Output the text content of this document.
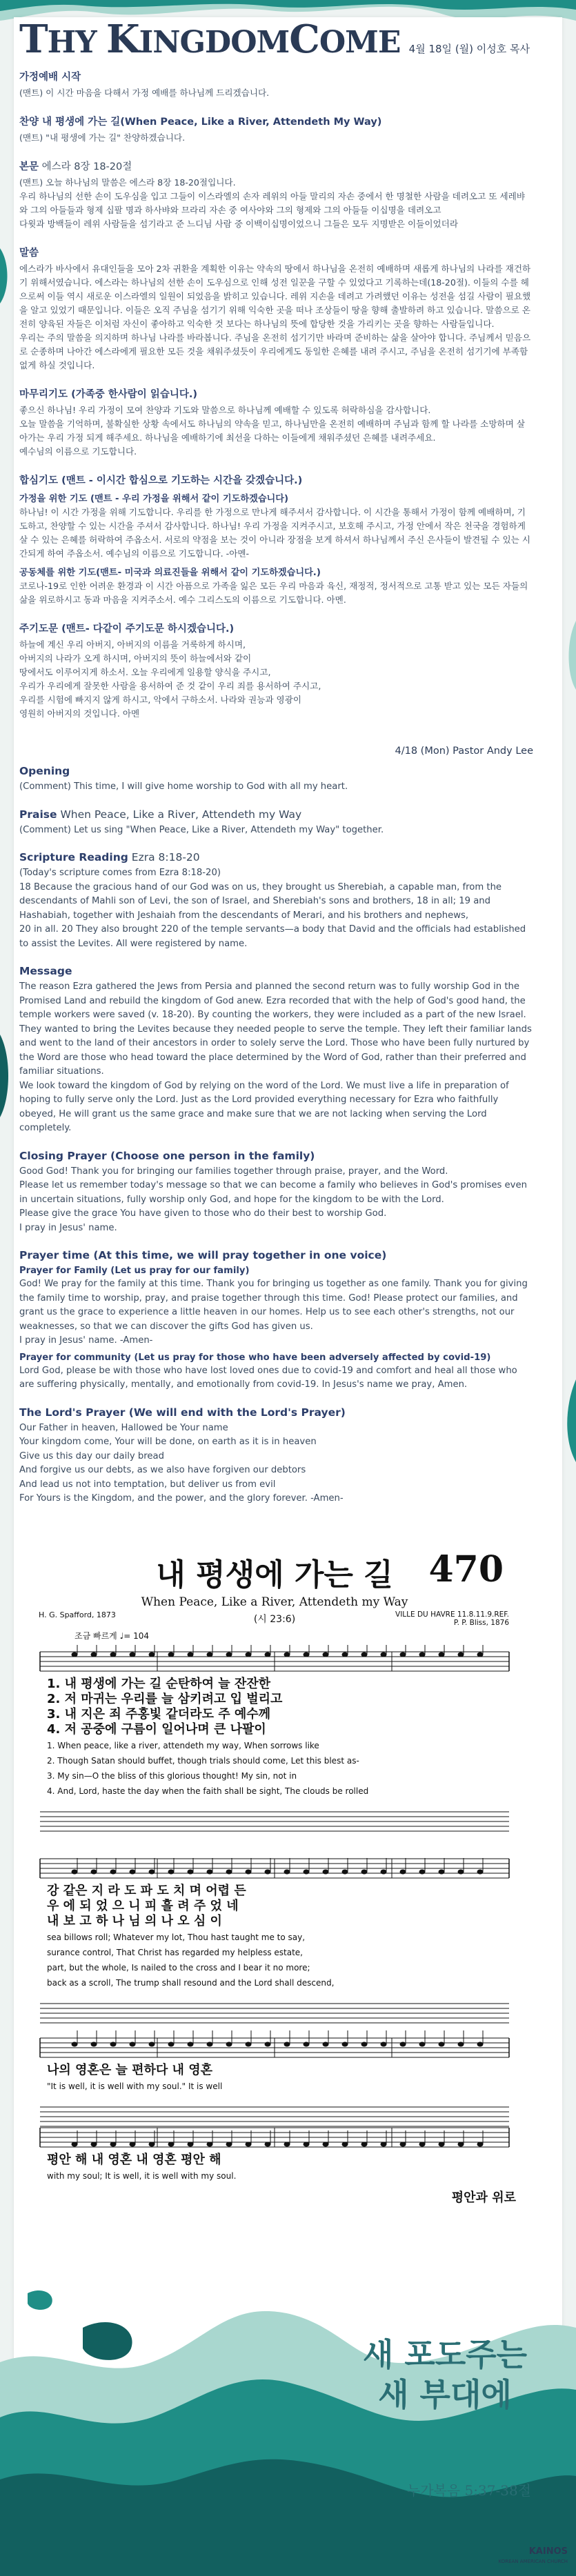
THY KINGDOMCOME 4월 18일 (월) 이성호 목사
가정예배 시작

(맨트) 이 시간 마음을 다해서 가정 예배를 하나님께 드리겠습니다.

찬양 내 평생에 가는 길(When Peace, Like a River, Attendeth My Way)

(맨트) "내 평생에 가는 길" 찬양하겠습니다.

본문 에스라 8장 18-20절

(맨트) 오늘 하나님의 말씀은 에스라 8장 18-20절입니다.
우리 하나님의 선한 손이 도우심을 입고 그들이 이스라엘의 손자 레위의 아들 말리의 자손 중에서 한 명철한 사람을 데려오고 또 세레뱌와 그의 아들들과 형제 십팔 명과 하사뱌와 므라리 자손 중 여사야와 그의 형제와 그의 아들들 이십명을 데려오고
다윗과 방백들이 레위 사람들을 섬기라고 준 느디님 사람 중 이백이십명이었으니 그들은 모두 지명받은 이들이었더라

말씀

에스라가 바사에서 유대인들을 모아 2차 귀환을 계획한 이유는 약속의 땅에서 하나님을 온전히 예배하며 새롭게 하나님의 나라를 재건하기 위해서였습니다. 에스라는 하나님의 선한 손이 도우심으로 인해 성전 일꾼을 구할 수 있었다고 기록하는데(18-20절). 이들의 수를 헤으로써 이들 역시 새로운 이스라엘의 일원이 되었음을 밝히고 있습니다. 레위 지손을 데려고 가려했던 이유는 성전을 섬길 사람이 필요했을 알고 있었기 때문입니다. 이들은 오직 주님을 섬기기 위해 익숙한 곳을 떠나 조상들이 땅을 향해 출발하려 하고 있습니다. 말씀으로 온전히 양육된 자들은 이처럼 자신이 좋아하고 익숙한 것 보다는 하나님의 뜻에 합당한 것을 가리키는 곳을 향하는 사람들입니다.
우리는 주의 말씀을 의지하며 하나님 나라를 바라봅니다. 주님을 온전히 섬기기만 바라며 준비하는 삶을 살아야 합니다. 주님께서 믿음으로 순종하며 나아간 에스라에게 필요한 모든 것을 채워주셨듯이 우리에게도 동일한 은혜를 내려 주시고, 주님을 온전히 섬기기에 부족함 없게 하실 것입니다.

마무리기도 (가족중 한사람이 읽습니다.)

좋으신 하나님! 우리 가정이 모여 찬양과 기도와 말씀으로 하나님께 예배할 수 있도록 허락하심을 감사합니다.
오늘 말씀을 기억하며, 불확실한 상황 속에서도 하나님의 약속을 믿고, 하나님만을 온전히 예배하며 주님과 함께 할 나라를 소망하며 살아가는 우리 가정 되게 해주세요. 하나님을 예배하기에 최선을 다하는 이들에게 채워주셨던 은혜를 내려주세요.
예수님의 이름으로 기도합니다.

합심기도 (맨트 - 이시간 합심으로 기도하는 시간을 갖겠습니다.)
가정을 위한 기도 (맨트 - 우리 가정을 위해서 같이 기도하겠습니다)

하나님! 이 시간 가정을 위해 기도합니다. 우리를 한 가정으로 만나게 해주셔서 감사합니다. 이 시간을 통해서 가정이 함께 예배하며, 기도하고, 찬양할 수 있는 시간을 주셔서 감사합니다. 하나님! 우리 가정을 지켜주시고, 보호해 주시고, 가정 안에서 작은 천국을 경험하게 살 수 있는 은혜를 허락하여 주옵소서. 서로의 약점을 보는 것이 아니라 장점을 보게 하셔서 하나님께서 주신 은사들이 발견될 수 있는 시간되게 하여 주옵소서. 예수님의 이름으로 기도합니다. -아멘-

공동체를 위한 기도(맨트- 미국과 의료진들을 위해서 같이 기도하겠습니다.)

코로나-19로 인한 어려운 환경과 이 시간 아픔으로 가족을 잃은 모든 우리 마음과 육신, 재정적, 정서적으로 고통 받고 있는 모든 자들의 삶을 위로하시고 동과 마음을 지켜주소서. 예수 그리스도의 이름으로 기도합니다. 아멘.

주기도문 (맨트- 다같이 주기도문 하시겠습니다.)

하늘에 계신 우리 아버지, 아버지의 이름을 거룩하게 하시며,
아버지의 나라가 오게 하시며, 아버지의 뜻이 하늘에서와 같이
땅에서도 이루어지게 하소서. 오늘 우리에게 일용할 양식을 주시고,
우리가 우리에게 잘못한 사람을 용서하여 준 것 같이 우리 죄를 용서하여 주시고,
우리를 시험에 빠지지 않게 하시고, 악에서 구하소서. 나라와 권능과 영광이
영원히 아버지의 것입니다. 아멘

4/18 (Mon) Pastor Andy Lee
Opening

(Comment) This time, I will give home worship to God with all my heart.

Praise When Peace, Like a River, Attendeth my Way

(Comment) Let us sing "When Peace, Like a River, Attendeth my Way" together.

Scripture Reading Ezra 8:18-20

(Today's scripture comes from Ezra 8:18-20)
18 Because the gracious hand of our God was on us, they brought us Sherebiah, a capable man, from the descendants of Mahli son of Levi, the son of Israel, and Sherebiah's sons and brothers, 18 in all; 19 and Hashabiah, together with Jeshaiah from the descendants of Merari, and his brothers and nephews,
20 in all. 20 They also brought 220 of the temple servants—a body that David and the officials had established to assist the Levites. All were registered by name.

Message

The reason Ezra gathered the Jews from Persia and planned the second return was to fully worship God in the Promised Land and rebuild the kingdom of God anew. Ezra recorded that with the help of God's good hand, the temple workers were saved (v. 18-20). By counting the workers, they were included as a part of the new Israel. They wanted to bring the Levites because they needed people to serve the temple. They left their familiar lands and went to the land of their ancestors in order to solely serve the Lord. Those who have been fully nurtured by the Word are those who head toward the place determined by the Word of God, rather than their preferred and familiar situations.
We look toward the kingdom of God by relying on the word of the Lord. We must live a life in preparation of hoping to fully serve only the Lord. Just as the Lord provided everything necessary for Ezra who faithfully obeyed, He will grant us the same grace and make sure that we are not lacking when serving the Lord completely.

Closing Prayer (Choose one person in the family)

Good God! Thank you for bringing our families together through praise, prayer, and the Word.
Please let us remember today's message so that we can become a family who believes in God's promises even in uncertain situations, fully worship only God, and hope for the kingdom to be with the Lord.
Please give the grace You have given to those who do their best to worship God.
I pray in Jesus' name.

Prayer time (At this time, we will pray together in one voice)
Prayer for Family (Let us pray for our family)

God! We pray for the family at this time. Thank you for bringing us together as one family. Thank you for giving the family time to worship, pray, and praise together through this time. God! Please protect our families, and grant us the grace to experience a little heaven in our homes. Help us to see each other's strengths, not our weaknesses, so that we can discover the gifts God has given us.
I pray in Jesus' name. -Amen-

Prayer for community (Let us pray for those who have been adversely affected by covid-19)

Lord God, please be with those who have lost loved ones due to covid-19 and comfort and heal all those who are suffering physically, mentally, and emotionally from covid-19. In Jesus's name we pray, Amen.

The Lord's Prayer (We will end with the Lord's Prayer)

Our Father in heaven, Hallowed be Your name
Your kingdom come, Your will be done, on earth as it is in heaven
Give us this day our daily bread
And forgive us our debts, as we also have forgiven our debtors
And lead us not into temptation, but deliver us from evil
For Yours is the Kingdom, and the power, and the glory forever. -Amen-

내 평생에 가는 길 470
When Peace, Like a River, Attendeth my Way
(시 23:6)
H. G. Spafford, 1873	VILLE DU HAVRE 11.8.11.9.REF.
P. P. Bliss, 1876
조금 빠르게 ♩= 104
1. 내 평생에 가는 길 순탄하여 늘 잔잔한
2. 저 마귀는 우리를 늘 삼키려고 입 벌리고
3. 내 지은 죄 주홍빛 같더라도 주 예수께
4. 저 공중에 구름이 일어나며 큰 나팔이
1. When peace, like a river, attendeth my way, When sorrows like
2. Though Satan should buffet, though trials should come, Let this blest as-
3. My sin—O the bliss of this glorious thought! My sin, not in
4. And, Lord, haste the day when the faith shall be sight, The clouds be rolled
강 같은 지 라 도 파 도 치 며 어렵 든
우 에 되 었 으 니 피 흘 려 주 었 네
내 보 고 하 나 님 의 나 오 심 이
sea billows roll; Whatever my lot, Thou hast taught me to say,
surance control, That Christ has regarded my helpless estate,
part, but the whole, Is nailed to the cross and I bear it no more;
back as a scroll, The trump shall resound and the Lord shall descend,
나의 영혼은 늘 편하다 내 영혼
"It is well, it is well with my soul." It is well
평안 해 내 영혼 내 영혼 평안 해
with my soul; It is well, it is well with my soul.
평안과 위로
새 포도주는 새 부대에
누가복음 5:37-38절
KAINOS
KOREAN AMERICAN CHURCH
